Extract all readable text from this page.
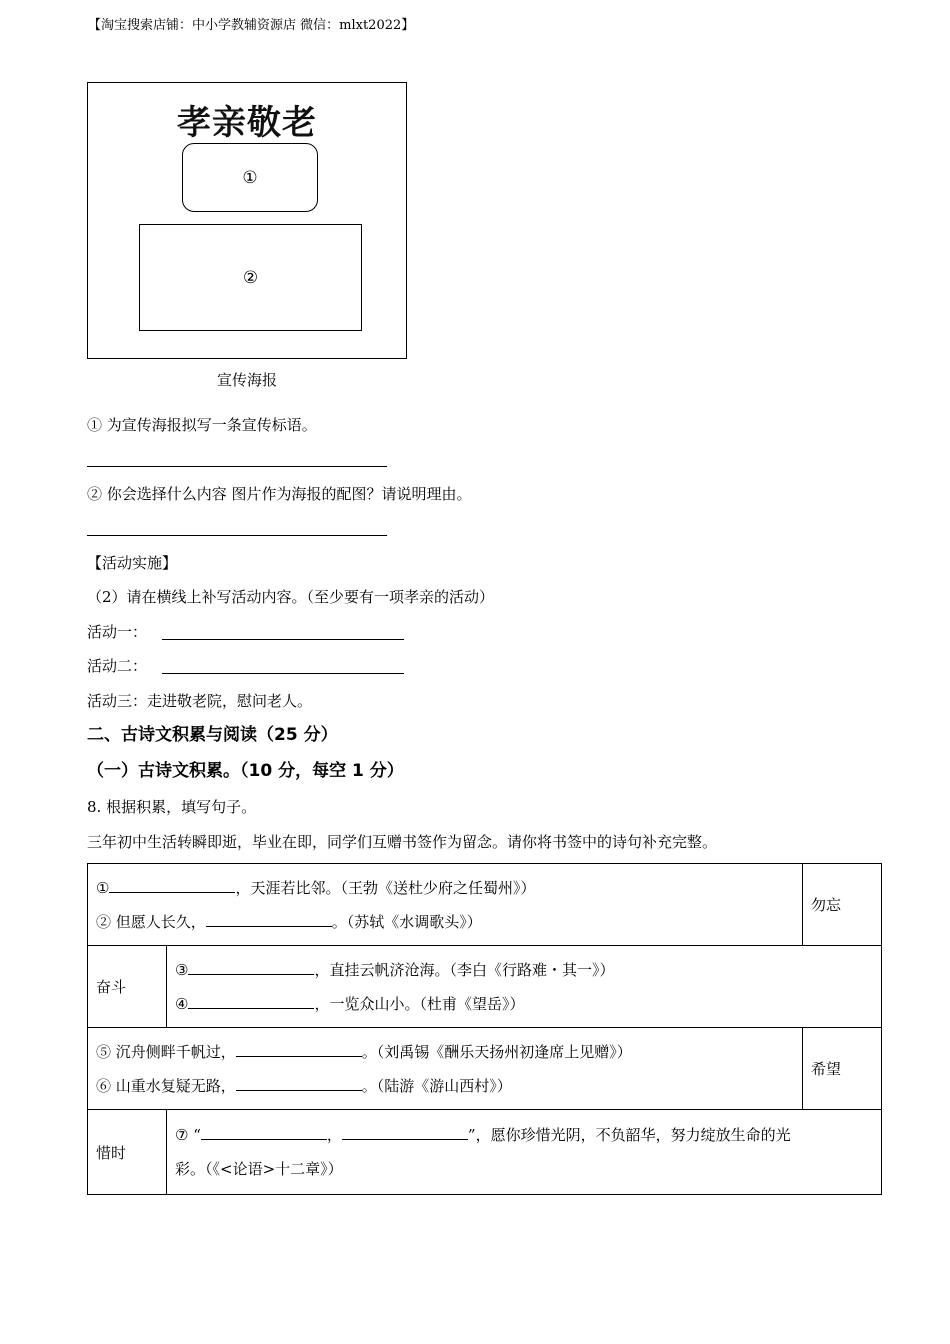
【淘宝搜索店铺：中小学教辅资源店 微信：mlxt2022】
孝亲敬老
①
②
宣传海报
① 为宣传海报拟写一条宣传标语。
② 你会选择什么内容 图片作为海报的配图？请说明理由。
【活动实施】
（2）请在横线上补写活动内容。（至少要有一项孝亲的活动）
活动一：
活动二：
活动三：走进敬老院，慰问老人。
二、古诗文积累与阅读（25 分）
（一）古诗文积累。（10 分，每空 1 分）
8. 根据积累，填写句子。
三年初中生活转瞬即逝，毕业在即，同学们互赠书签作为留念。请你将书签中的诗句补充完整。
① ，天涯若比邻。（王勃《送杜少府之任蜀州》）
② 但愿人长久， 。（苏轼《水调歌头》）		勿忘
奋斗	③ ，直挂云帆济沧海。（李白《行路难・其一》）
④ ，一览众山小。（杜甫《望岳》）	

⑤ 沉舟侧畔千帆过， 。（刘禹锡《酬乐天扬州初逢席上见赠》）
⑥ 山重水复疑无路， 。（陆游《游山西村》）		希望
惜时	⑦ “ ， ”，愿你珍惜光阴，不负韶华，努力绽放生命的光
彩。（《<论语>十二章》）	
